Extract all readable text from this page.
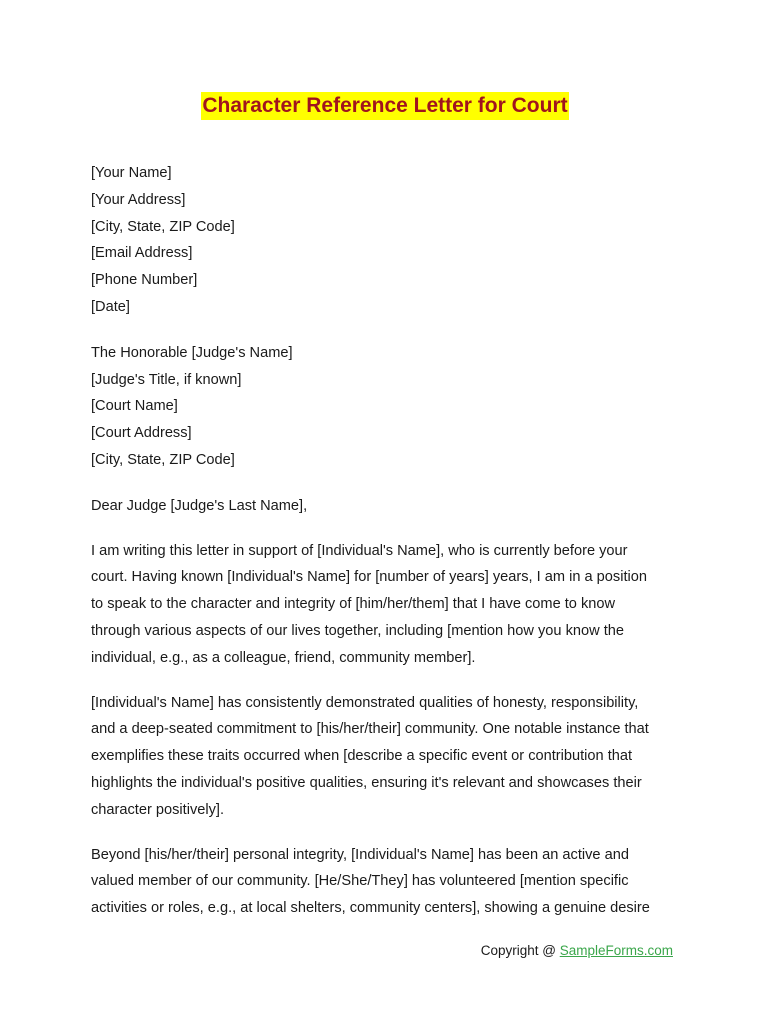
Character Reference Letter for Court
[Your Name]
[Your Address]
[City, State, ZIP Code]
[Email Address]
[Phone Number]
[Date]
The Honorable [Judge's Name]
[Judge's Title, if known]
[Court Name]
[Court Address]
[City, State, ZIP Code]
Dear Judge [Judge's Last Name],
I am writing this letter in support of [Individual's Name], who is currently before your
court. Having known [Individual's Name] for [number of years] years, I am in a position
to speak to the character and integrity of [him/her/them] that I have come to know
through various aspects of our lives together, including [mention how you know the
individual, e.g., as a colleague, friend, community member].
[Individual's Name] has consistently demonstrated qualities of honesty, responsibility,
and a deep-seated commitment to [his/her/their] community. One notable instance that
exemplifies these traits occurred when [describe a specific event or contribution that
highlights the individual's positive qualities, ensuring it's relevant and showcases their
character positively].
Beyond [his/her/their] personal integrity, [Individual's Name] has been an active and
valued member of our community. [He/She/They] has volunteered [mention specific
activities or roles, e.g., at local shelters, community centers], showing a genuine desire
Copyright @ SampleForms.com
